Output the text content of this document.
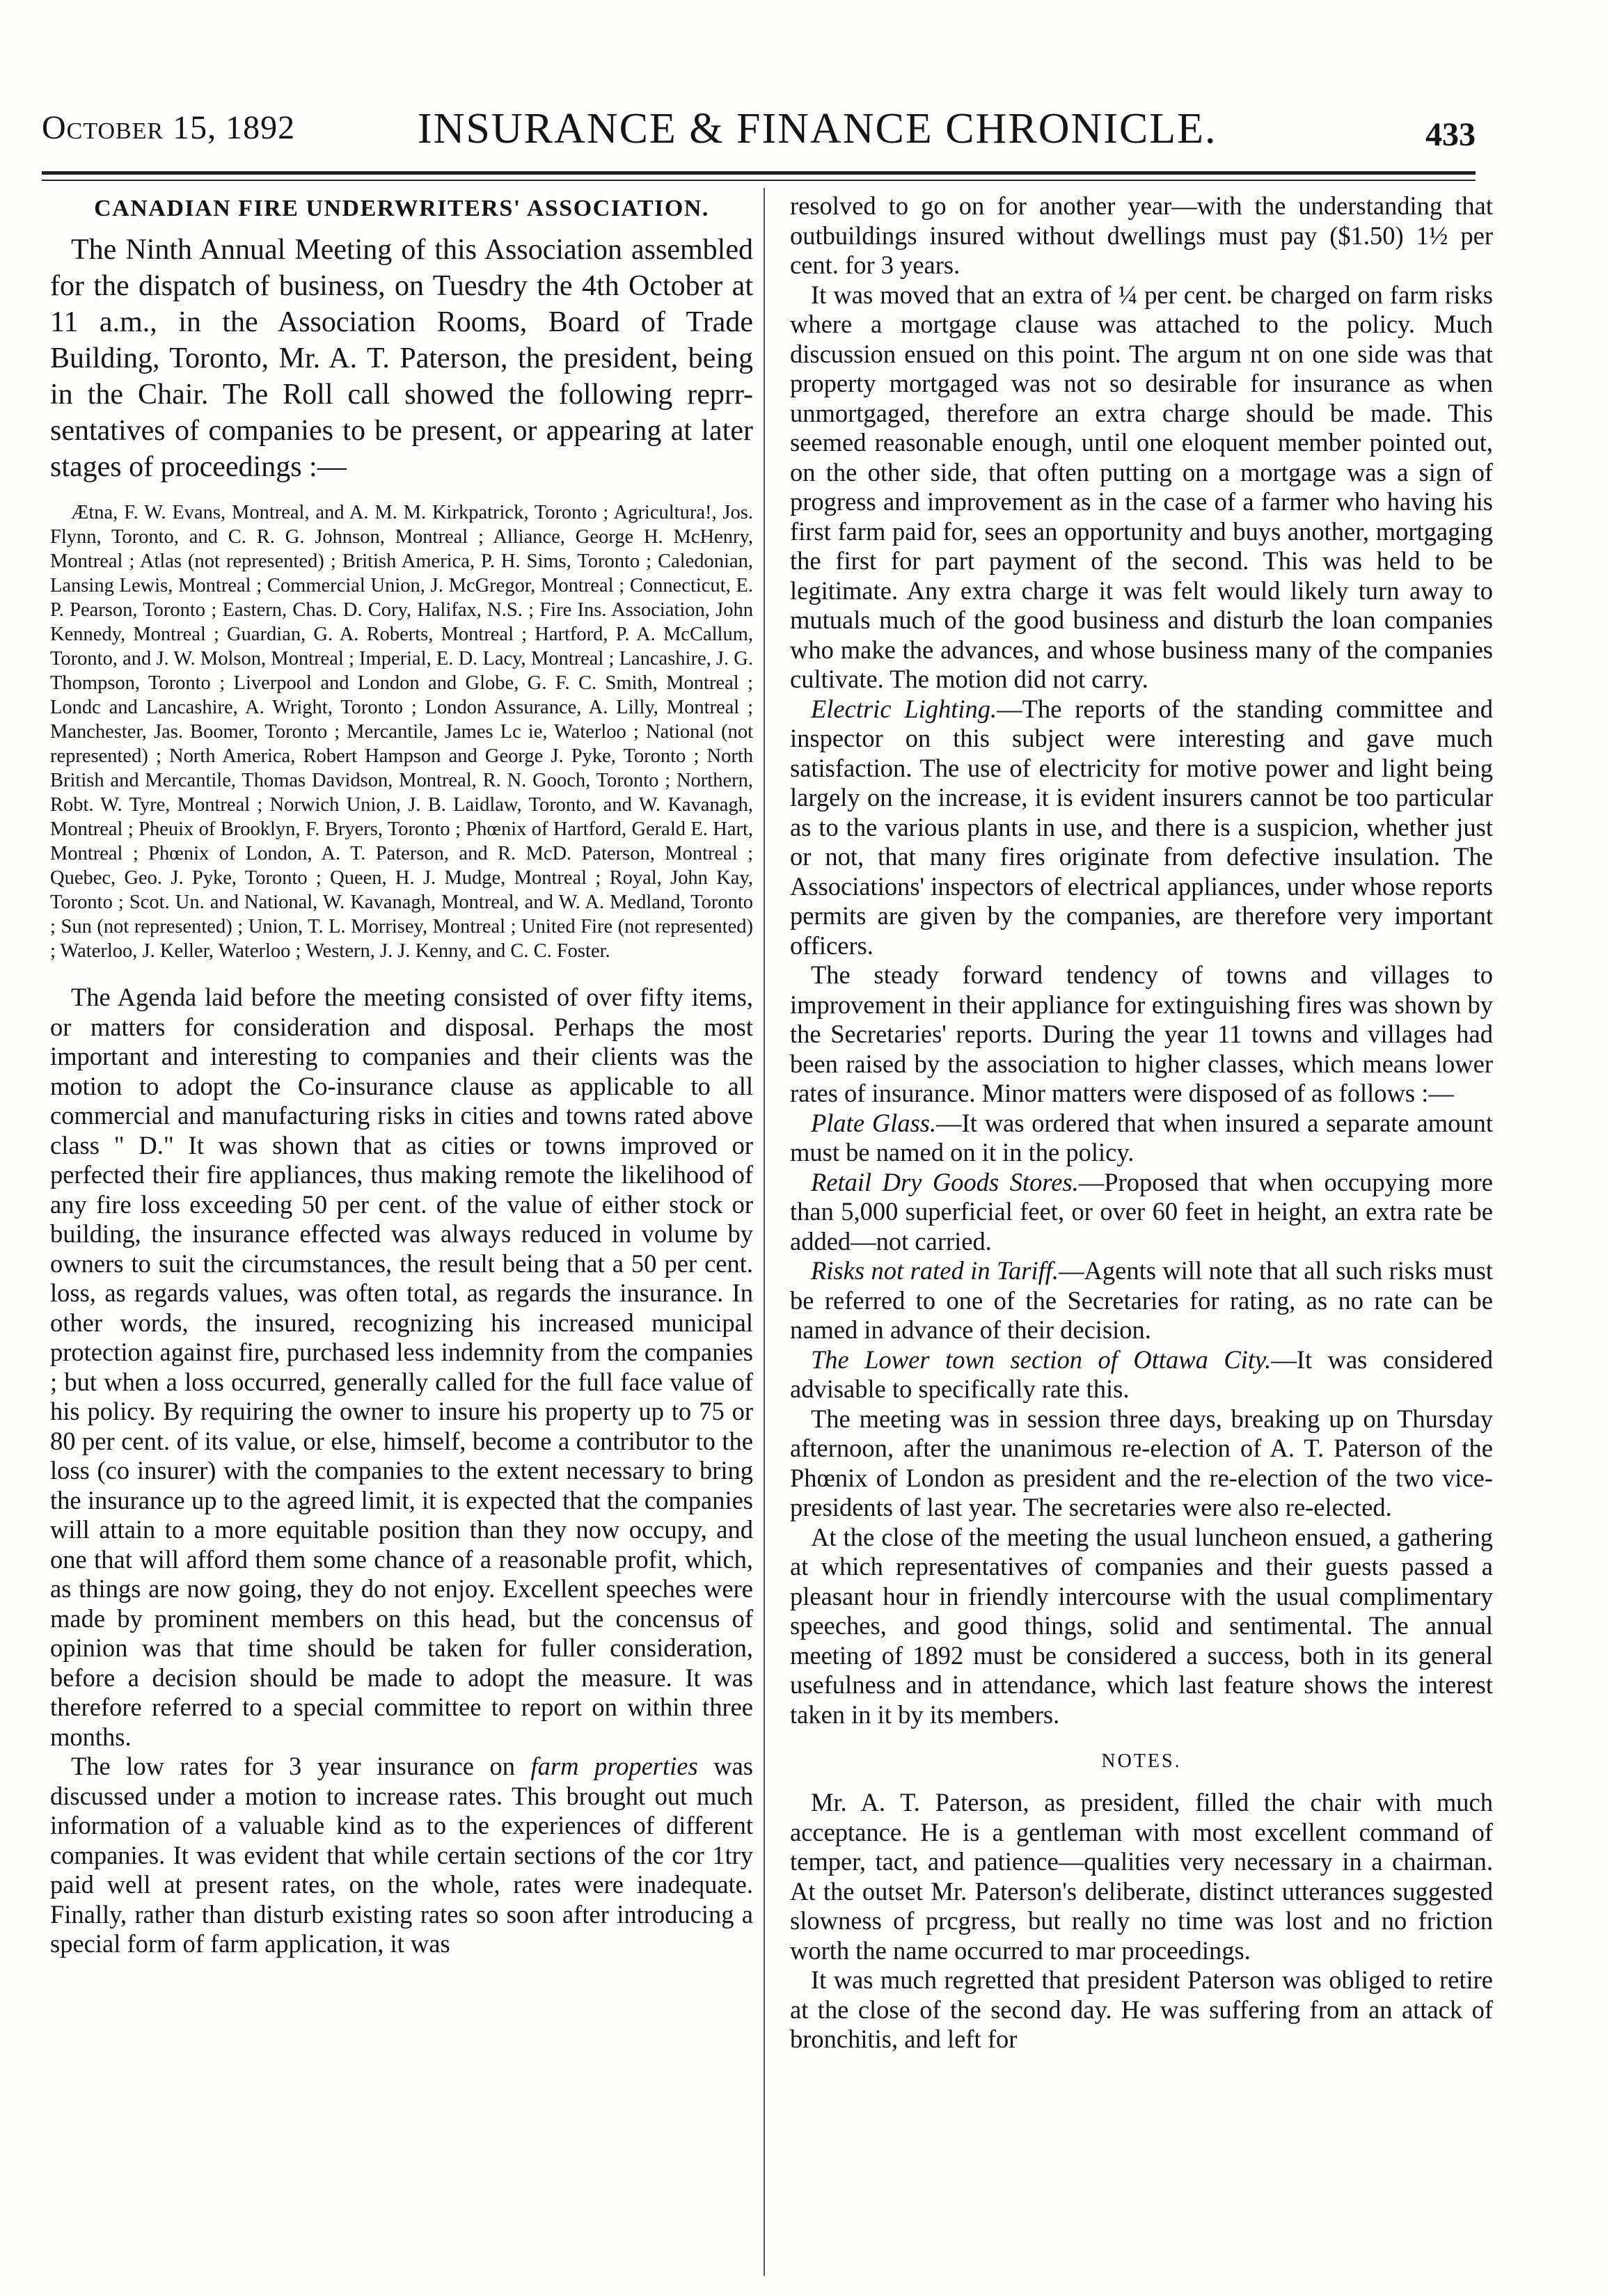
October 15, 1892	INSURANCE & FINANCE CHRONICLE.	433
CANADIAN FIRE UNDERWRITERS' ASSOCIATION.

The Ninth Annual Meeting of this Association assembled for the dispatch of business, on Tuesdry the 4th October at 11 a.m., in the Association Rooms, Board of Trade Building, Toronto, Mr. A. T. Paterson, the president, being in the Chair. The Roll call showed the following reprr-sentatives of companies to be present, or appearing at later stages of proceedings :—

Ætna, F. W. Evans, Montreal, and A. M. M. Kirkpatrick, Toronto ; Agricultura!, Jos. Flynn, Toronto, and C. R. G. Johnson, Montreal ; Alliance, George H. McHenry, Montreal ; Atlas (not represented) ; British America, P. H. Sims, Toronto ; Caledonian, Lansing Lewis, Montreal ; Commercial Union, J. McGregor, Montreal ; Connecticut, E. P. Pearson, Toronto ; Eastern, Chas. D. Cory, Halifax, N.S. ; Fire Ins. Association, John Kennedy, Montreal ; Guardian, G. A. Roberts, Montreal ; Hartford, P. A. McCallum, Toronto, and J. W. Molson, Montreal ; Imperial, E. D. Lacy, Montreal ; Lancashire, J. G. Thompson, Toronto ; Liverpool and London and Globe, G. F. C. Smith, Montreal ; Londc and Lancashire, A. Wright, Toronto ; London Assurance, A. Lilly, Montreal ; Manchester, Jas. Boomer, Toronto ; Mercantile, James Lc ie, Waterloo ; National (not represented) ; North America, Robert Hampson and George J. Pyke, Toronto ; North British and Mercantile, Thomas Davidson, Montreal, R. N. Gooch, Toronto ; Northern, Robt. W. Tyre, Montreal ; Norwich Union, J. B. Laidlaw, Toronto, and W. Kavanagh, Montreal ; Pheuix of Brooklyn, F. Bryers, Toronto ; Phœnix of Hartford, Gerald E. Hart, Montreal ; Phœnix of London, A. T. Paterson, and R. McD. Paterson, Montreal ; Quebec, Geo. J. Pyke, Toronto ; Queen, H. J. Mudge, Montreal ; Royal, John Kay, Toronto ; Scot. Un. and National, W. Kavanagh, Montreal, and W. A. Medland, Toronto ; Sun (not represented) ; Union, T. L. Morrisey, Montreal ; United Fire (not represented) ; Waterloo, J. Keller, Waterloo ; Western, J. J. Kenny, and C. C. Foster.

The Agenda laid before the meeting consisted of over fifty items, or matters for consideration and disposal. Perhaps the most important and interesting to companies and their clients was the motion to adopt the Co-insurance clause as applicable to all commercial and manufacturing risks in cities and towns rated above class " D." It was shown that as cities or towns improved or perfected their fire appliances, thus making remote the likelihood of any fire loss exceeding 50 per cent. of the value of either stock or building, the insurance effected was always reduced in volume by owners to suit the circumstances, the result being that a 50 per cent. loss, as regards values, was often total, as regards the insurance. In other words, the insured, recognizing his increased municipal protection against fire, purchased less indemnity from the companies ; but when a loss occurred, generally called for the full face value of his policy. By requiring the owner to insure his property up to 75 or 80 per cent. of its value, or else, himself, become a contributor to the loss (co insurer) with the companies to the extent necessary to bring the insurance up to the agreed limit, it is expected that the companies will attain to a more equitable position than they now occupy, and one that will afford them some chance of a reasonable profit, which, as things are now going, they do not enjoy. Excellent speeches were made by prominent members on this head, but the concensus of opinion was that time should be taken for fuller consideration, before a decision should be made to adopt the measure. It was therefore referred to a special committee to report on within three months.

The low rates for 3 year insurance on farm properties was discussed under a motion to increase rates. This brought out much information of a valuable kind as to the experiences of different companies. It was evident that while certain sections of the cor 1try paid well at present rates, on the whole, rates were inadequate. Finally, rather than disturb existing rates so soon after introducing a special form of farm application, it was

resolved to go on for another year—with the understanding that outbuildings insured without dwellings must pay ($1.50) 1½ per cent. for 3 years.

It was moved that an extra of ¼ per cent. be charged on farm risks where a mortgage clause was attached to the policy. Much discussion ensued on this point. The argum nt on one side was that property mortgaged was not so desirable for insurance as when unmortgaged, therefore an extra charge should be made. This seemed reasonable enough, until one eloquent member pointed out, on the other side, that often putting on a mortgage was a sign of progress and improvement as in the case of a farmer who having his first farm paid for, sees an opportunity and buys another, mortgaging the first for part payment of the second. This was held to be legitimate. Any extra charge it was felt would likely turn away to mutuals much of the good business and disturb the loan companies who make the advances, and whose business many of the companies cultivate. The motion did not carry.

Electric Lighting.—The reports of the standing committee and inspector on this subject were interesting and gave much satisfaction. The use of electricity for motive power and light being largely on the increase, it is evident insurers cannot be too particular as to the various plants in use, and there is a suspicion, whether just or not, that many fires originate from defective insulation. The Associations' inspectors of electrical appliances, under whose reports permits are given by the companies, are therefore very important officers.

The steady forward tendency of towns and villages to improvement in their appliance for extinguishing fires was shown by the Secretaries' reports. During the year 11 towns and villages had been raised by the association to higher classes, which means lower rates of insurance. Minor matters were disposed of as follows :—

Plate Glass.—It was ordered that when insured a separate amount must be named on it in the policy.

Retail Dry Goods Stores.—Proposed that when occupying more than 5,000 superficial feet, or over 60 feet in height, an extra rate be added—not carried.

Risks not rated in Tariff.—Agents will note that all such risks must be referred to one of the Secretaries for rating, as no rate can be named in advance of their decision.

The Lower town section of Ottawa City.—It was considered advisable to specifically rate this.

The meeting was in session three days, breaking up on Thursday afternoon, after the unanimous re-election of A. T. Paterson of the Phœnix of London as president and the re-election of the two vice-presidents of last year. The secretaries were also re-elected.

At the close of the meeting the usual luncheon ensued, a gathering at which representatives of companies and their guests passed a pleasant hour in friendly intercourse with the usual complimentary speeches, and good things, solid and sentimental. The annual meeting of 1892 must be considered a success, both in its general usefulness and in attendance, which last feature shows the interest taken in it by its members.

NOTES.

Mr. A. T. Paterson, as president, filled the chair with much acceptance. He is a gentleman with most excellent command of temper, tact, and patience—qualities very necessary in a chairman. At the outset Mr. Paterson's deliberate, distinct utterances suggested slowness of prcgress, but really no time was lost and no friction worth the name occurred to mar proceedings.

It was much regretted that president Paterson was obliged to retire at the close of the second day. He was suffering from an attack of bronchitis, and left for
